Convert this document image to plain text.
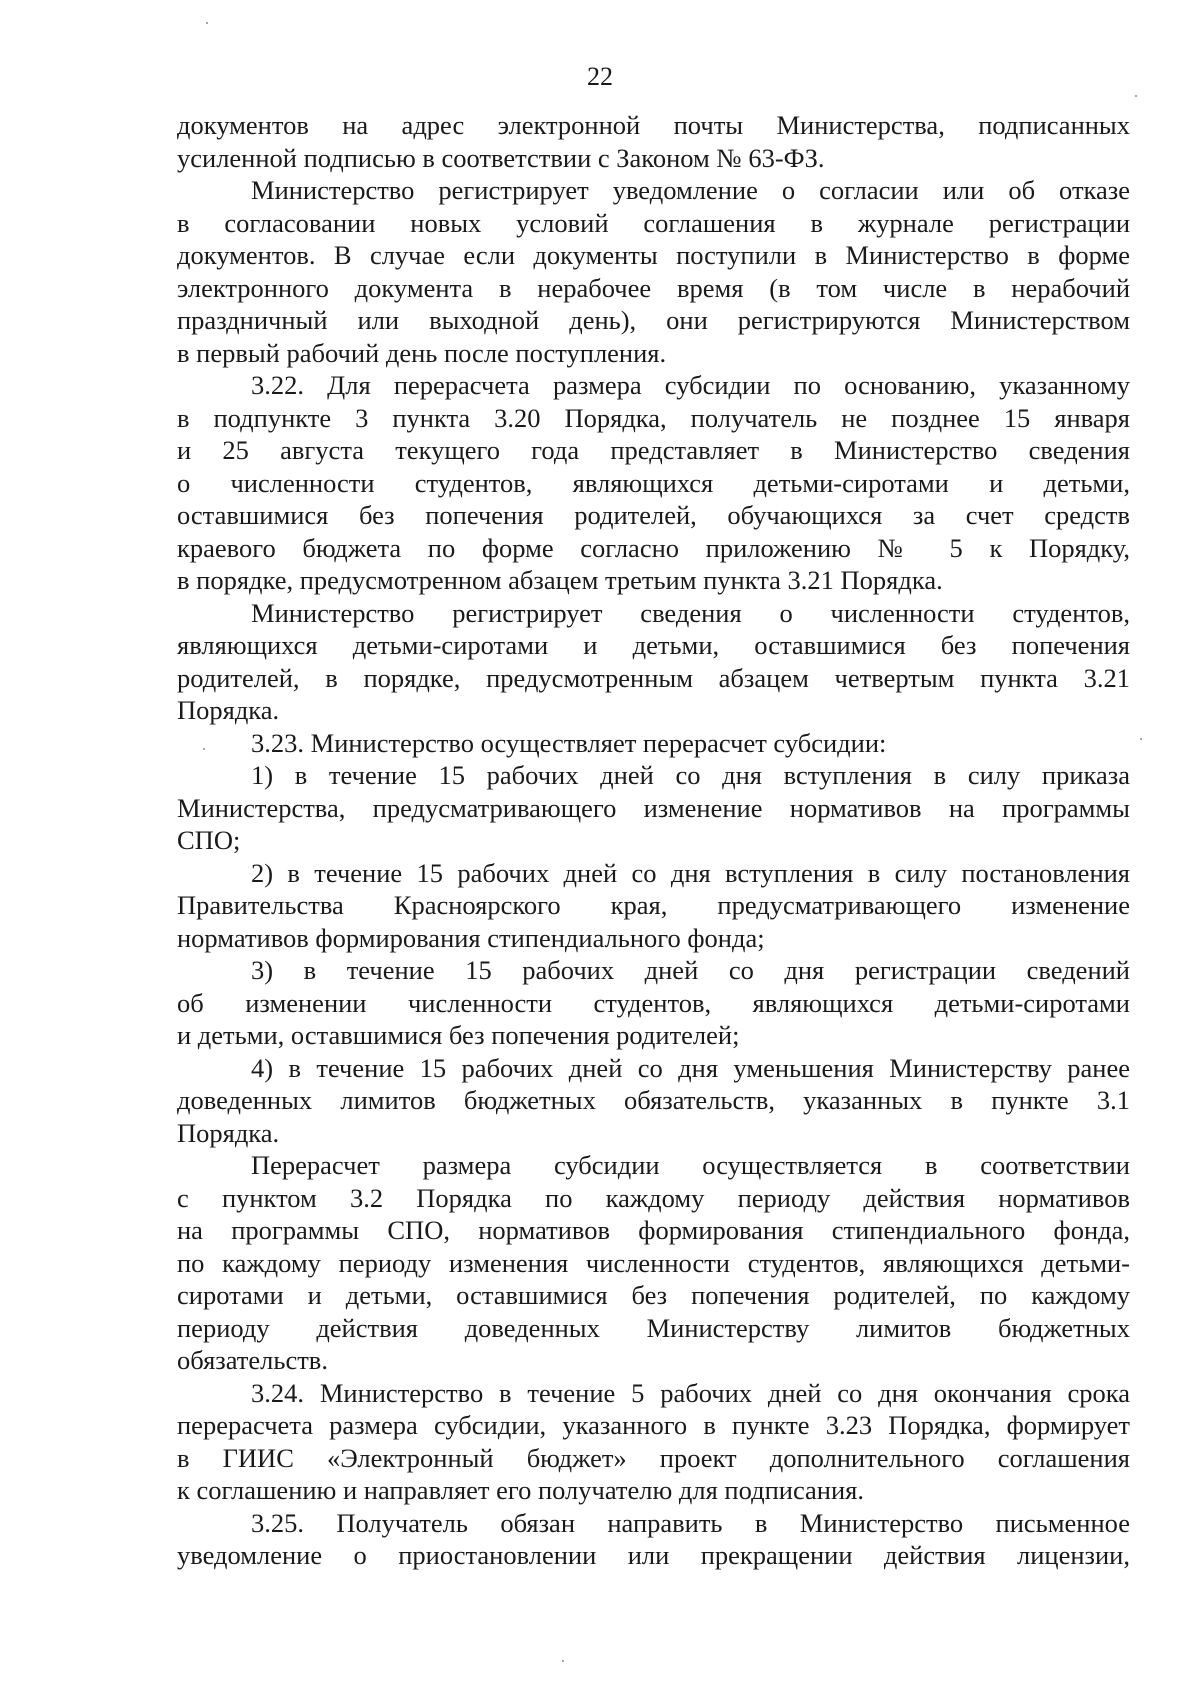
22

документов на адрес электронной почты Министерства, подписанных

усиленной подписью в соответствии с Законом № 63-ФЗ.

Министерство регистрирует уведомление о согласии или об отказе

в согласовании новых условий соглашения в журнале регистрации

документов. В случае если документы поступили в Министерство в форме

электронного документа в нерабочее время (в том числе в нерабочий

праздничный или выходной день), они регистрируются Министерством

в первый рабочий день после поступления.

3.22. Для перерасчета размера субсидии по основанию, указанному

в подпункте 3 пункта 3.20 Порядка, получатель не позднее 15 января

и 25 августа текущего года представляет в Министерство сведения

о численности студентов, являющихся детьми-сиротами и детьми,

оставшимися без попечения родителей, обучающихся за счет средств

краевого бюджета по форме согласно приложению № 5 к Порядку,

в порядке, предусмотренном абзацем третьим пункта 3.21 Порядка.

Министерство регистрирует сведения о численности студентов,

являющихся детьми-сиротами и детьми, оставшимися без попечения

родителей, в порядке, предусмотренным абзацем четвертым пункта 3.21

Порядка.

3.23. Министерство осуществляет перерасчет субсидии:

1) в течение 15 рабочих дней со дня вступления в силу приказа

Министерства, предусматривающего изменение нормативов на программы

СПО;

2) в течение 15 рабочих дней со дня вступления в силу постановления

Правительства Красноярского края, предусматривающего изменение

нормативов формирования стипендиального фонда;

3) в течение 15 рабочих дней со дня регистрации сведений

об изменении численности студентов, являющихся детьми-сиротами

и детьми, оставшимися без попечения родителей;

4) в течение 15 рабочих дней со дня уменьшения Министерству ранее

доведенных лимитов бюджетных обязательств, указанных в пункте 3.1

Порядка.

Перерасчет размера субсидии осуществляется в соответствии

с пунктом 3.2 Порядка по каждому периоду действия нормативов

на программы СПО, нормативов формирования стипендиального фонда,

по каждому периоду изменения численности студентов, являющихся детьми-

сиротами и детьми, оставшимися без попечения родителей, по каждому

периоду действия доведенных Министерству лимитов бюджетных

обязательств.

3.24. Министерство в течение 5 рабочих дней со дня окончания срока

перерасчета размера субсидии, указанного в пункте 3.23 Порядка, формирует

в ГИИС «Электронный бюджет» проект дополнительного соглашения

к соглашению и направляет его получателю для подписания.

3.25. Получатель обязан направить в Министерство письменное

уведомление о приостановлении или прекращении действия лицензии,
